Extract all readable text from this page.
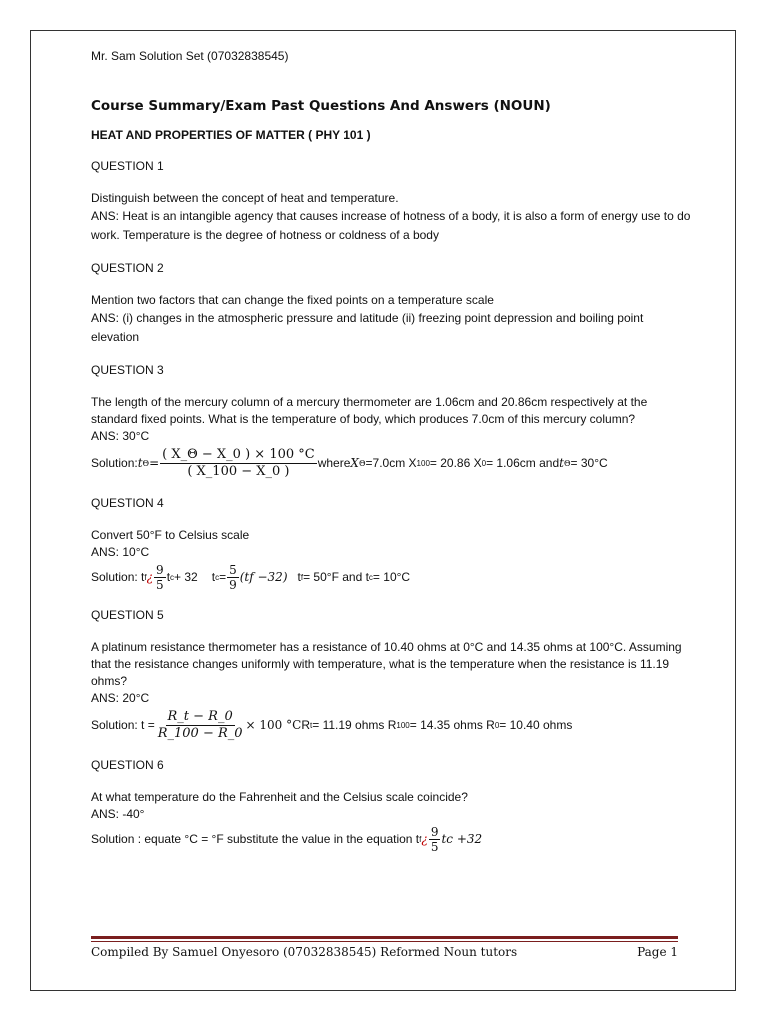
Mr. Sam Solution Set (07032838545)

Course Summary/Exam Past Questions And Answers (NOUN)

HEAT AND PROPERTIES OF MATTER ( PHY 101 )

QUESTION 1

Distinguish between the concept of heat and temperature.

ANS: Heat is an intangible agency that causes increase of hotness of a body, it is also a form of energy use to do work. Temperature is the degree of hotness or coldness of a body

QUESTION 2

Mention two factors that can change the fixed points on a temperature scale

ANS: (i) changes in the atmospheric pressure and latitude (ii) freezing point depression and boiling point elevation

QUESTION 3

The length of the mercury column of a mercury thermometer are 1.06cm and 20.86cm respectively at the standard fixed points. What is the temperature of body, which produces 7.0cm of this mercury column?

ANS: 30°C

Solution: t $\Theta = \frac{( X\_\Theta - X\_0 ) \times 100 ^\circ C}{( X\_100 - X\_0 )}$ where X Θ =7.0cm X 100 = 20.86 X 0 = 1.06cm and t Θ = 30°C

QUESTION 4

Convert 50°F to Celsius scale

ANS: 10°C

Solution: t f ¿ $\frac{9}{5}$ t c + 32 t $c = \frac{5}{9} (tf -32)$ t f = 50°F and t c = 10°C

QUESTION 5

A platinum resistance thermometer has a resistance of 10.40 ohms at 0°C and 14.35 ohms at 100°C. Assuming that the resistance changes uniformly with temperature, what is the temperature when the resistance is 11.19 ohms?

ANS: 20°C

Solution: $t = \frac{R\_t - R\_0}{R\_100 - R\_0} \times 100$ °C R t = 11.19 ohms R 100 = 14.35 ohms R 0 = 10.40 ohms

QUESTION 6

At what temperature do the Fahrenheit and the Celsius scale coincide?

ANS: -40°

Solution : equate °C = °F substitute the value in the equation t f ¿ $\frac{9}{5}$ tc +32

Compiled By Samuel Onyesoro (07032838545) Reformed Noun tutors	Page 1
